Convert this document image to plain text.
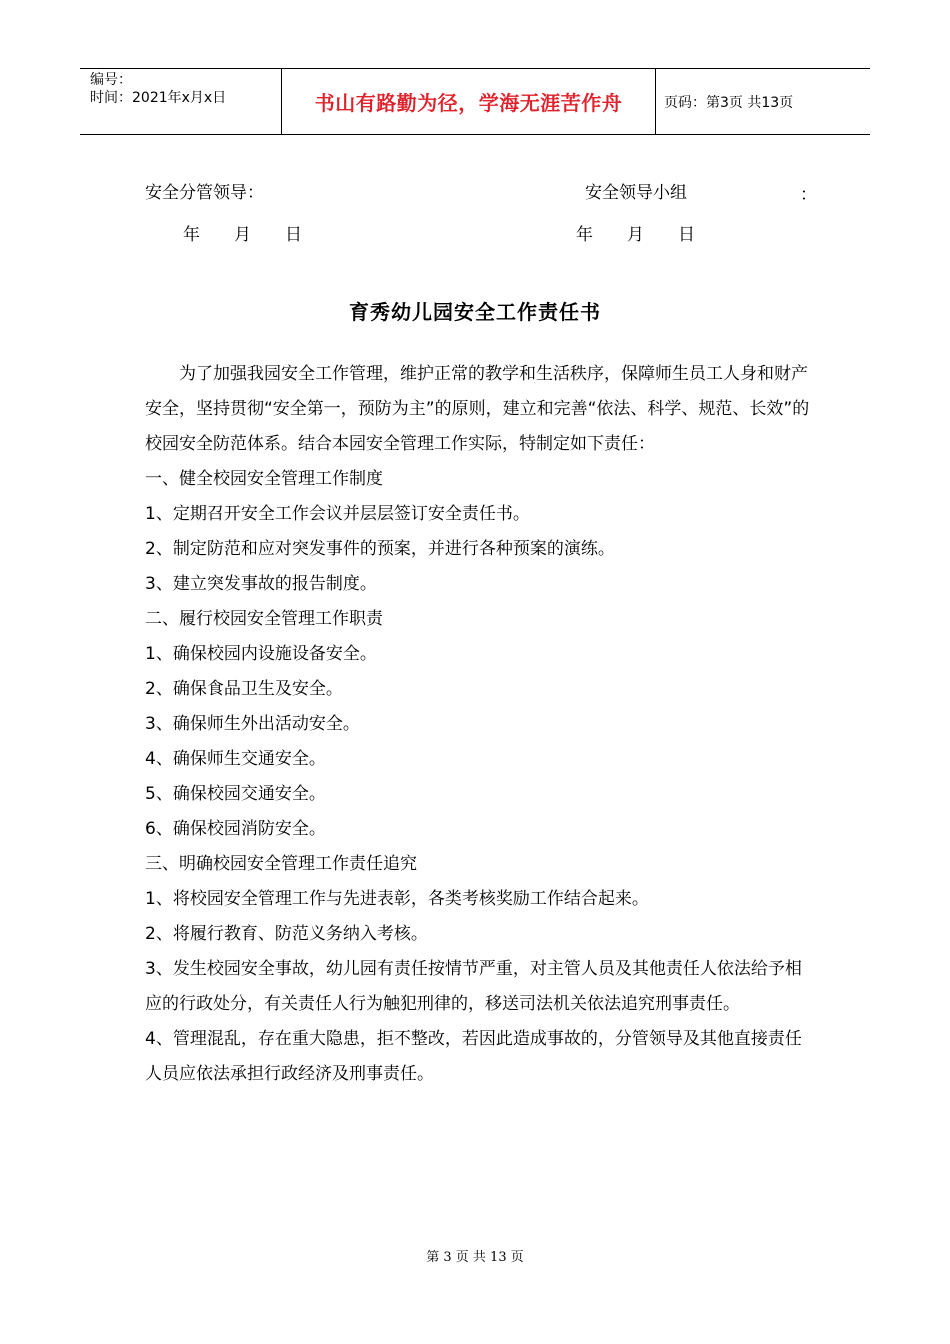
编号：
时间：2021年x月x日	书山有路勤为径，学海无涯苦作舟	页码：第3页 共13页
安全分管领导：	安全领导小组	：
年　　月　　日	年　　月　　日
育秀幼儿园安全工作责任书

为了加强我园安全工作管理，维护正常的教学和生活秩序，保障师生员工人身和财产安全，坚持贯彻“安全第一，预防为主”的原则，建立和完善“依法、科学、规范、长效”的校园安全防范体系。结合本园安全管理工作实际，特制定如下责任：

一、健全校园安全管理工作制度

1、定期召开安全工作会议并层层签订安全责任书。

2、制定防范和应对突发事件的预案，并进行各种预案的演练。

3、建立突发事故的报告制度。

二、履行校园安全管理工作职责

1、确保校园内设施设备安全。

2、确保食品卫生及安全。

3、确保师生外出活动安全。

4、确保师生交通安全。

5、确保校园交通安全。

6、确保校园消防安全。

三、明确校园安全管理工作责任追究

1、将校园安全管理工作与先进表彰，各类考核奖励工作结合起来。

2、将履行教育、防范义务纳入考核。

3、发生校园安全事故，幼儿园有责任按情节严重，对主管人员及其他责任人依法给予相应的行政处分，有关责任人行为触犯刑律的，移送司法机关依法追究刑事责任。

4、管理混乱，存在重大隐患，拒不整改，若因此造成事故的，分管领导及其他直接责任人员应依法承担行政经济及刑事责任。

第 3 页 共 13 页
